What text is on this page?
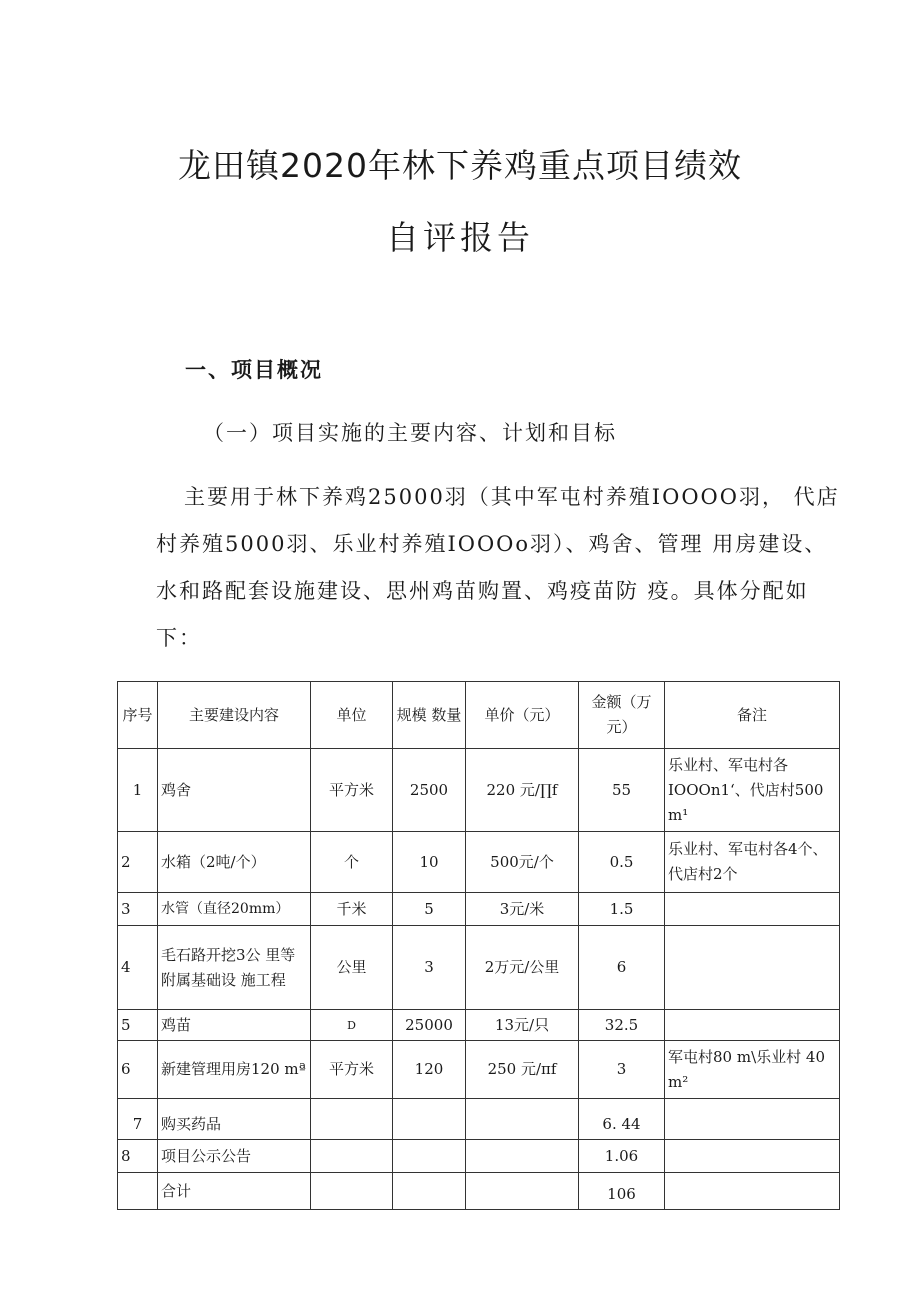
龙田镇2020年林下养鸡重点项目绩效
自评报告
一、项目概况
（一）项目实施的主要内容、计划和目标
主要用于林下养鸡25000羽（其中军屯村养殖IOOOO羽， 代店村养殖5000羽、乐业村养殖IOOOo羽）、鸡舍、管理 用房建设、水和路配套设施建设、思州鸡苗购置、鸡疫苗防 疫。具体分配如下：
序号	主要建设内容	单位	规模 数量	单价（元）	金额（万元）	备注
1	鸡舍	平方米	2500	220 元/∏f	55	乐业村、军屯村各IOOOn1‘、代店村500 m¹
2	水箱（2吨/个）	个	10	500元/个	0.5	乐业村、军屯村各4个、代店村2个
3	水管（直径20mm）	千米	5	3元/米	1.5	
4	毛石路开挖3公 里等附属基础设 施工程	公里	3	2万元/公里	6	
5	鸡苗	D	25000	13元/只	32.5	
6	新建管理用房120 mª	平方米	120	250 元/πf	3	军屯村80 m\乐业村 40 m²
7	购买药品				6. 44	
8	项目公示公告				1.06	
	合计				106	
